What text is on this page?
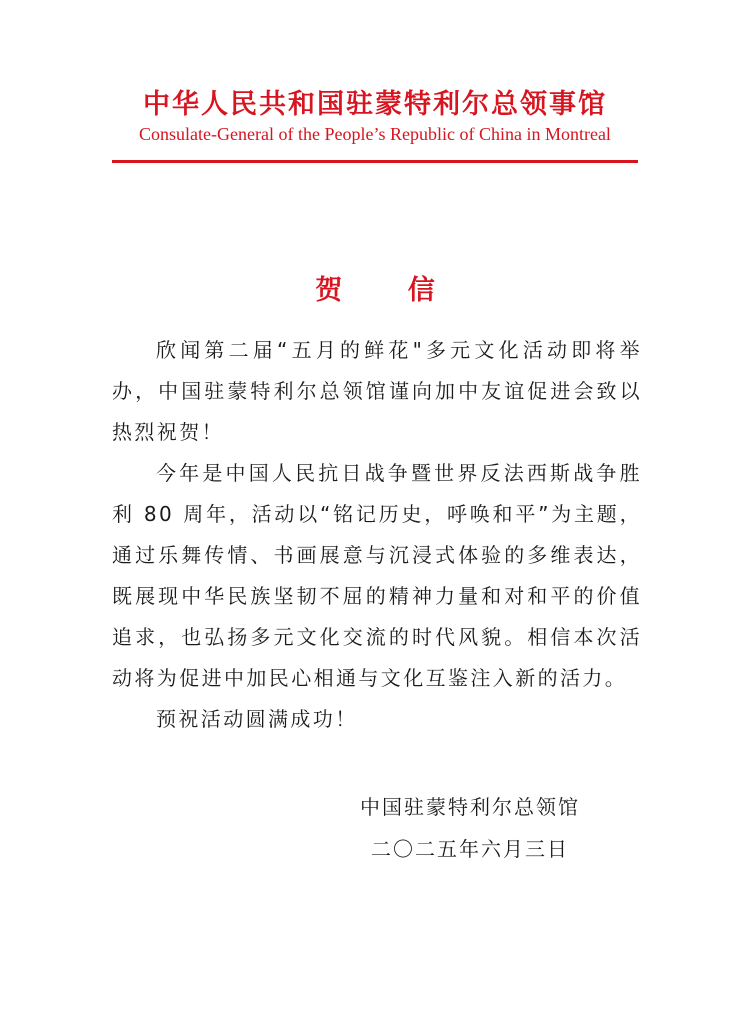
中华人民共和国驻蒙特利尔总领事馆
Consulate-General of the People’s Republic of China in Montreal
贺 信

欣闻第二届“五月的鲜花"多元文化活动即将举办，中国驻蒙特利尔总领馆谨向加中友谊促进会致以热烈祝贺！

今年是中国人民抗日战争暨世界反法西斯战争胜利 80 周年，活动以“铭记历史，呼唤和平”为主题，通过乐舞传情、书画展意与沉浸式体验的多维表达，既展现中华民族坚韧不屈的精神力量和对和平的价值追求，也弘扬多元文化交流的时代风貌。相信本次活动将为促进中加民心相通与文化互鉴注入新的活力。

预祝活动圆满成功！

中国驻蒙特利尔总领馆
二〇二五年六月三日
